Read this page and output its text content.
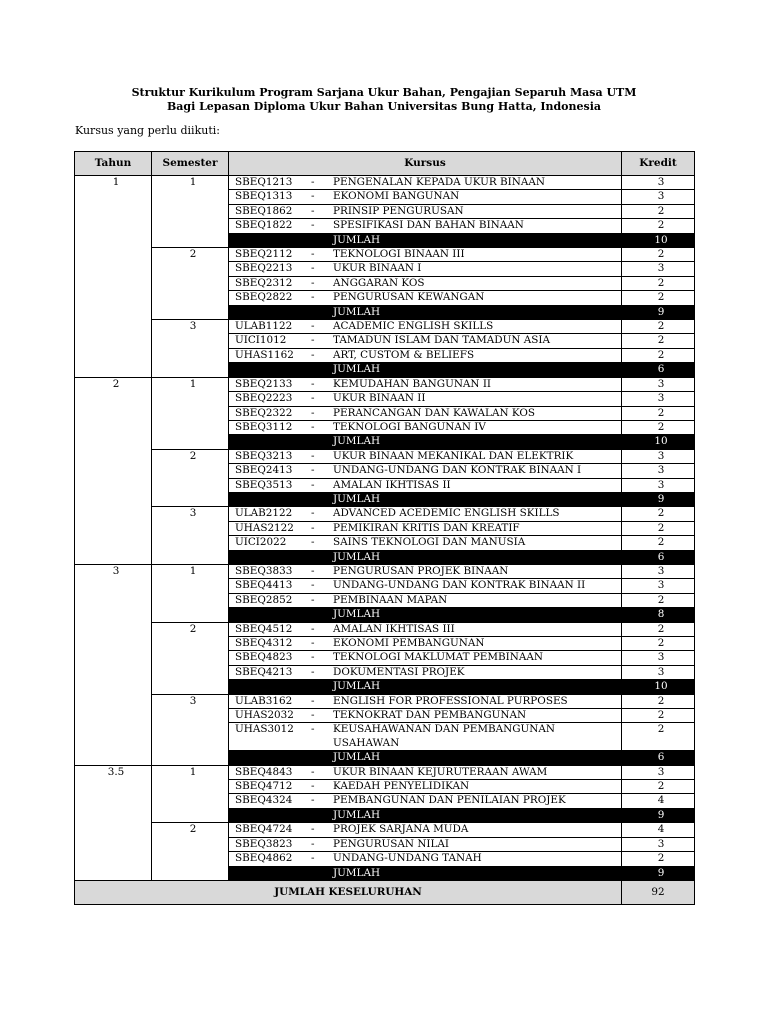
Struktur Kurikulum Program Sarjana Ukur Bahan, Pengajian Separuh Masa UTM
Bagi Lepasan Diploma Ukur Bahan Universitas Bung Hatta, Indonesia
Kursus yang perlu diikuti:
Tahun	Semester	Kursus	Kredit
1	1	SBEQ1213 - PENGENALAN KEPADA UKUR BINAAN	3
		SBEQ1313 - EKONOMI BANGUNAN	3
		SBEQ1862 - PRINSIP PENGURUSAN	2
		SBEQ1822 - SPESIFIKASI DAN BAHAN BINAAN	2
		JUMLAH	10
	2	SBEQ2112 - TEKNOLOGI BINAAN III	2
		SBEQ2213 - UKUR BINAAN I	3
		SBEQ2312 - ANGGARAN KOS	2
		SBEQ2822 - PENGURUSAN KEWANGAN	2
		JUMLAH	9
	3	ULAB1122 - ACADEMIC ENGLISH SKILLS	2
		UICI1012 - TAMADUN ISLAM DAN TAMADUN ASIA	2
		UHAS1162 - ART, CUSTOM & BELIEFS	2
		JUMLAH	6
2	1	SBEQ2133 - KEMUDAHAN BANGUNAN II	3
		SBEQ2223 - UKUR BINAAN II	3
		SBEQ2322 - PERANCANGAN DAN KAWALAN KOS	2
		SBEQ3112 - TEKNOLOGI BANGUNAN IV	2
		JUMLAH	10
	2	SBEQ3213 - UKUR BINAAN MEKANIKAL DAN ELEKTRIK	3
		SBEQ2413 - UNDANG-UNDANG DAN KONTRAK BINAAN I	3
		SBEQ3513 - AMALAN IKHTISAS II	3
		JUMLAH	9
	3	ULAB2122 - ADVANCED ACEDEMIC ENGLISH SKILLS	2
		UHAS2122 - PEMIKIRAN KRITIS DAN KREATIF	2
		UICI2022 - SAINS TEKNOLOGI DAN MANUSIA	2
		JUMLAH	6
3	1	SBEQ3833 - PENGURUSAN PROJEK BINAAN	3
		SBEQ4413 - UNDANG-UNDANG DAN KONTRAK BINAAN II	3
		SBEQ2852 - PEMBINAAN MAPAN	2
		JUMLAH	8
	2	SBEQ4512 - AMALAN IKHTISAS III	2
		SBEQ4312 - EKONOMI PEMBANGUNAN	2
		SBEQ4823 - TEKNOLOGI MAKLUMAT PEMBINAAN	3
		SBEQ4213 - DOKUMENTASI PROJEK	3
		JUMLAH	10
	3	ULAB3162 - ENGLISH FOR PROFESSIONAL PURPOSES	2
		UHAS2032 - TEKNOKRAT DAN PEMBANGUNAN	2
		UHAS3012 - KEUSAHAWANAN DAN PEMBANGUNAN USAHAWAN	2
		JUMLAH	6
3.5	1	SBEQ4843 - UKUR BINAAN KEJURUTERAAN AWAM	3
		SBEQ4712 - KAEDAH PENYELIDIKAN	2
		SBEQ4324 - PEMBANGUNAN DAN PENILAIAN PROJEK	4
		JUMLAH	9
	2	SBEQ4724 - PROJEK SARJANA MUDA	4
		SBEQ3823 - PENGURUSAN NILAI	3
		SBEQ4862 - UNDANG-UNDANG TANAH	2
		JUMLAH	9
JUMLAH KESELURUHAN			92
